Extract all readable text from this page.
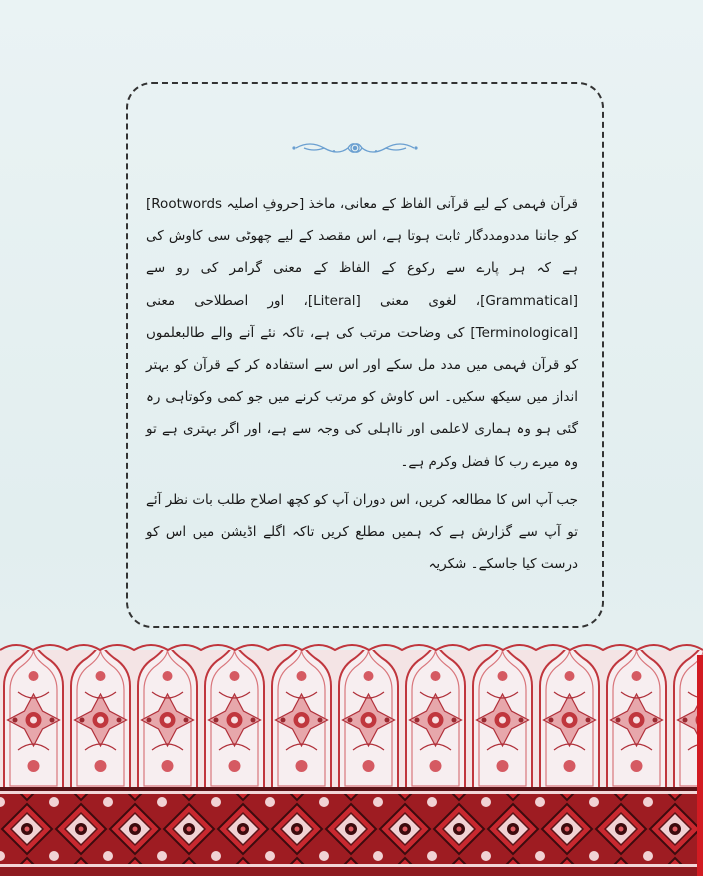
قرآن فہمی کے لیے قرآنی الفاظ کے معانی، ماخذ [حروفِ اصلیہ Rootwords] کو جاننا مددومددگار ثابت ہوتا ہے، اس مقصد کے لیے چھوٹی سی کاوش کی ہے کہ ہر پارے سے رکوع کے الفاظ کے معنی گرامر کی رو سے [Grammatical]، لغوی معنی [Literal]، اور اصطلاحی معنی [Terminological] کی وضاحت مرتب کی ہے، تاکہ نئے آنے والے طالبعلموں کو قرآن فہمی میں مدد مل سکے اور اس سے استفادہ کر کے قرآن کو بہتر انداز میں سیکھ سکیں۔ اس کاوش کو مرتب کرنے میں جو کمی وکوتاہی رہ گئی ہو وہ ہماری لاعلمی اور نااہلی کی وجہ سے ہے، اور اگر بہتری ہے تو وہ میرے رب کا فضل وکرم ہے۔

جب آپ اس کا مطالعہ کریں، اس دوران آپ کو کچھ اصلاح طلب بات نظر آئے تو آپ سے گزارش ہے کہ ہمیں مطلع کریں تاکہ اگلے اڈیشن میں اس کو درست کیا جاسکے۔ شکریہ
